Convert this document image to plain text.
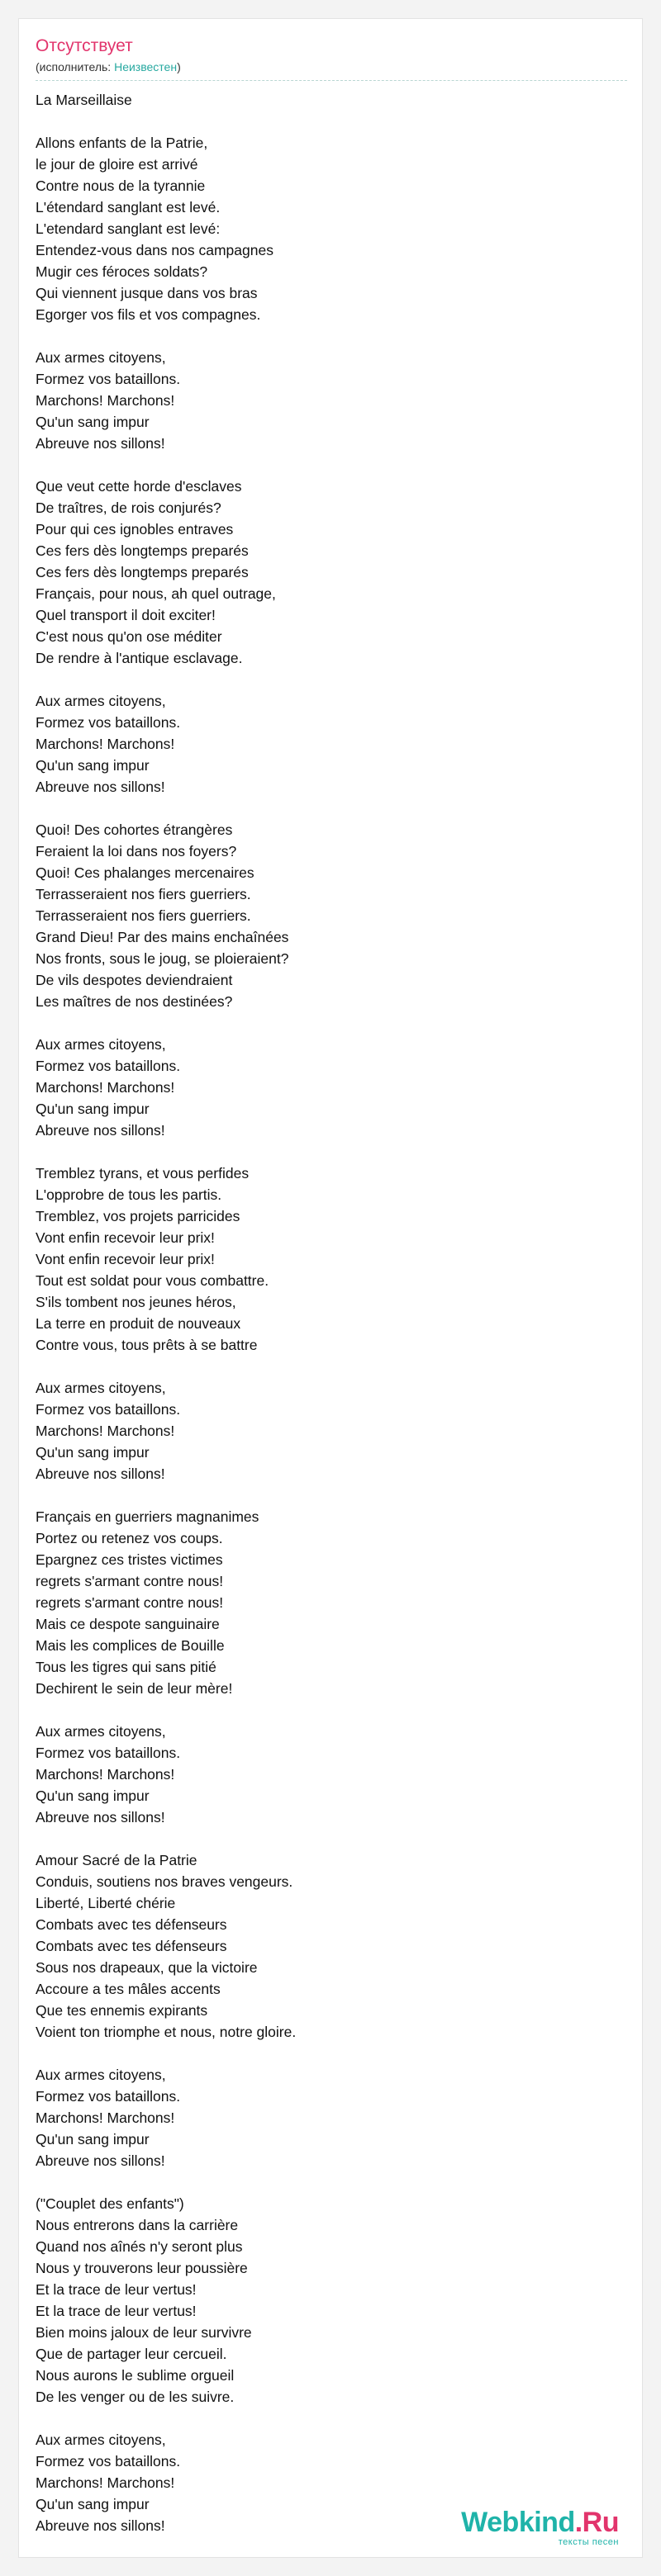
Отсутствует
(исполнитель: Неизвестен)
La Marseillaise
Allons enfants de la Patrie,
le jour de gloire est arrivé
Contre nous de la tyrannie
L'étendard sanglant est levé.
L'etendard sanglant est levé:
Entendez-vous dans nos campagnes
Mugir ces féroces soldats?
Qui viennent jusque dans vos bras
Egorger vos fils et vos compagnes.
Aux armes citoyens,
Formez vos bataillons.
Marchons! Marchons!
Qu'un sang impur
Abreuve nos sillons!
Que veut cette horde d'esclaves
De traîtres, de rois conjurés?
Pour qui ces ignobles entraves
Ces fers dès longtemps preparés
Ces fers dès longtemps preparés
Français, pour nous, ah quel outrage,
Quel transport il doit exciter!
C'est nous qu'on ose méditer
De rendre à l'antique esclavage.
Aux armes citoyens,
Formez vos bataillons.
Marchons! Marchons!
Qu'un sang impur
Abreuve nos sillons!
Quoi! Des cohortes étrangères
Feraient la loi dans nos foyers?
Quoi! Ces phalanges mercenaires
Terrasseraient nos fiers guerriers.
Terrasseraient nos fiers guerriers.
Grand Dieu! Par des mains enchaînées
Nos fronts, sous le joug, se ploieraient?
De vils despotes deviendraient
Les maîtres de nos destinées?
Aux armes citoyens,
Formez vos bataillons.
Marchons! Marchons!
Qu'un sang impur
Abreuve nos sillons!
Tremblez tyrans, et vous perfides
L'opprobre de tous les partis.
Tremblez, vos projets parricides
Vont enfin recevoir leur prix!
Vont enfin recevoir leur prix!
Tout est soldat pour vous combattre.
S'ils tombent nos jeunes héros,
La terre en produit de nouveaux
Contre vous, tous prêts à se battre
Aux armes citoyens,
Formez vos bataillons.
Marchons! Marchons!
Qu'un sang impur
Abreuve nos sillons!
Français en guerriers magnanimes
Portez ou retenez vos coups.
Epargnez ces tristes victimes
regrets s'armant contre nous!
regrets s'armant contre nous!
Mais ce despote sanguinaire
Mais les complices de Bouille
Tous les tigres qui sans pitié
Dechirent le sein de leur mère!
Aux armes citoyens,
Formez vos bataillons.
Marchons! Marchons!
Qu'un sang impur
Abreuve nos sillons!
Amour Sacré de la Patrie
Conduis, soutiens nos braves vengeurs.
Liberté, Liberté chérie
Combats avec tes défenseurs
Combats avec tes défenseurs
Sous nos drapeaux, que la victoire
Accoure a tes mâles accents
Que tes ennemis expirants
Voient ton triomphe et nous, notre gloire.
Aux armes citoyens,
Formez vos bataillons.
Marchons! Marchons!
Qu'un sang impur
Abreuve nos sillons!
("Couplet des enfants")
Nous entrerons dans la carrière
Quand nos aînés n'y seront plus
Nous y trouverons leur poussière
Et la trace de leur vertus!
Et la trace de leur vertus!
Bien moins jaloux de leur survivre
Que de partager leur cercueil.
Nous aurons le sublime orgueil
De les venger ou de les suivre.
Aux armes citoyens,
Formez vos bataillons.
Marchons! Marchons!
Qu'un sang impur
Abreuve nos sillons!	Webkind.Ru
тексты песен
